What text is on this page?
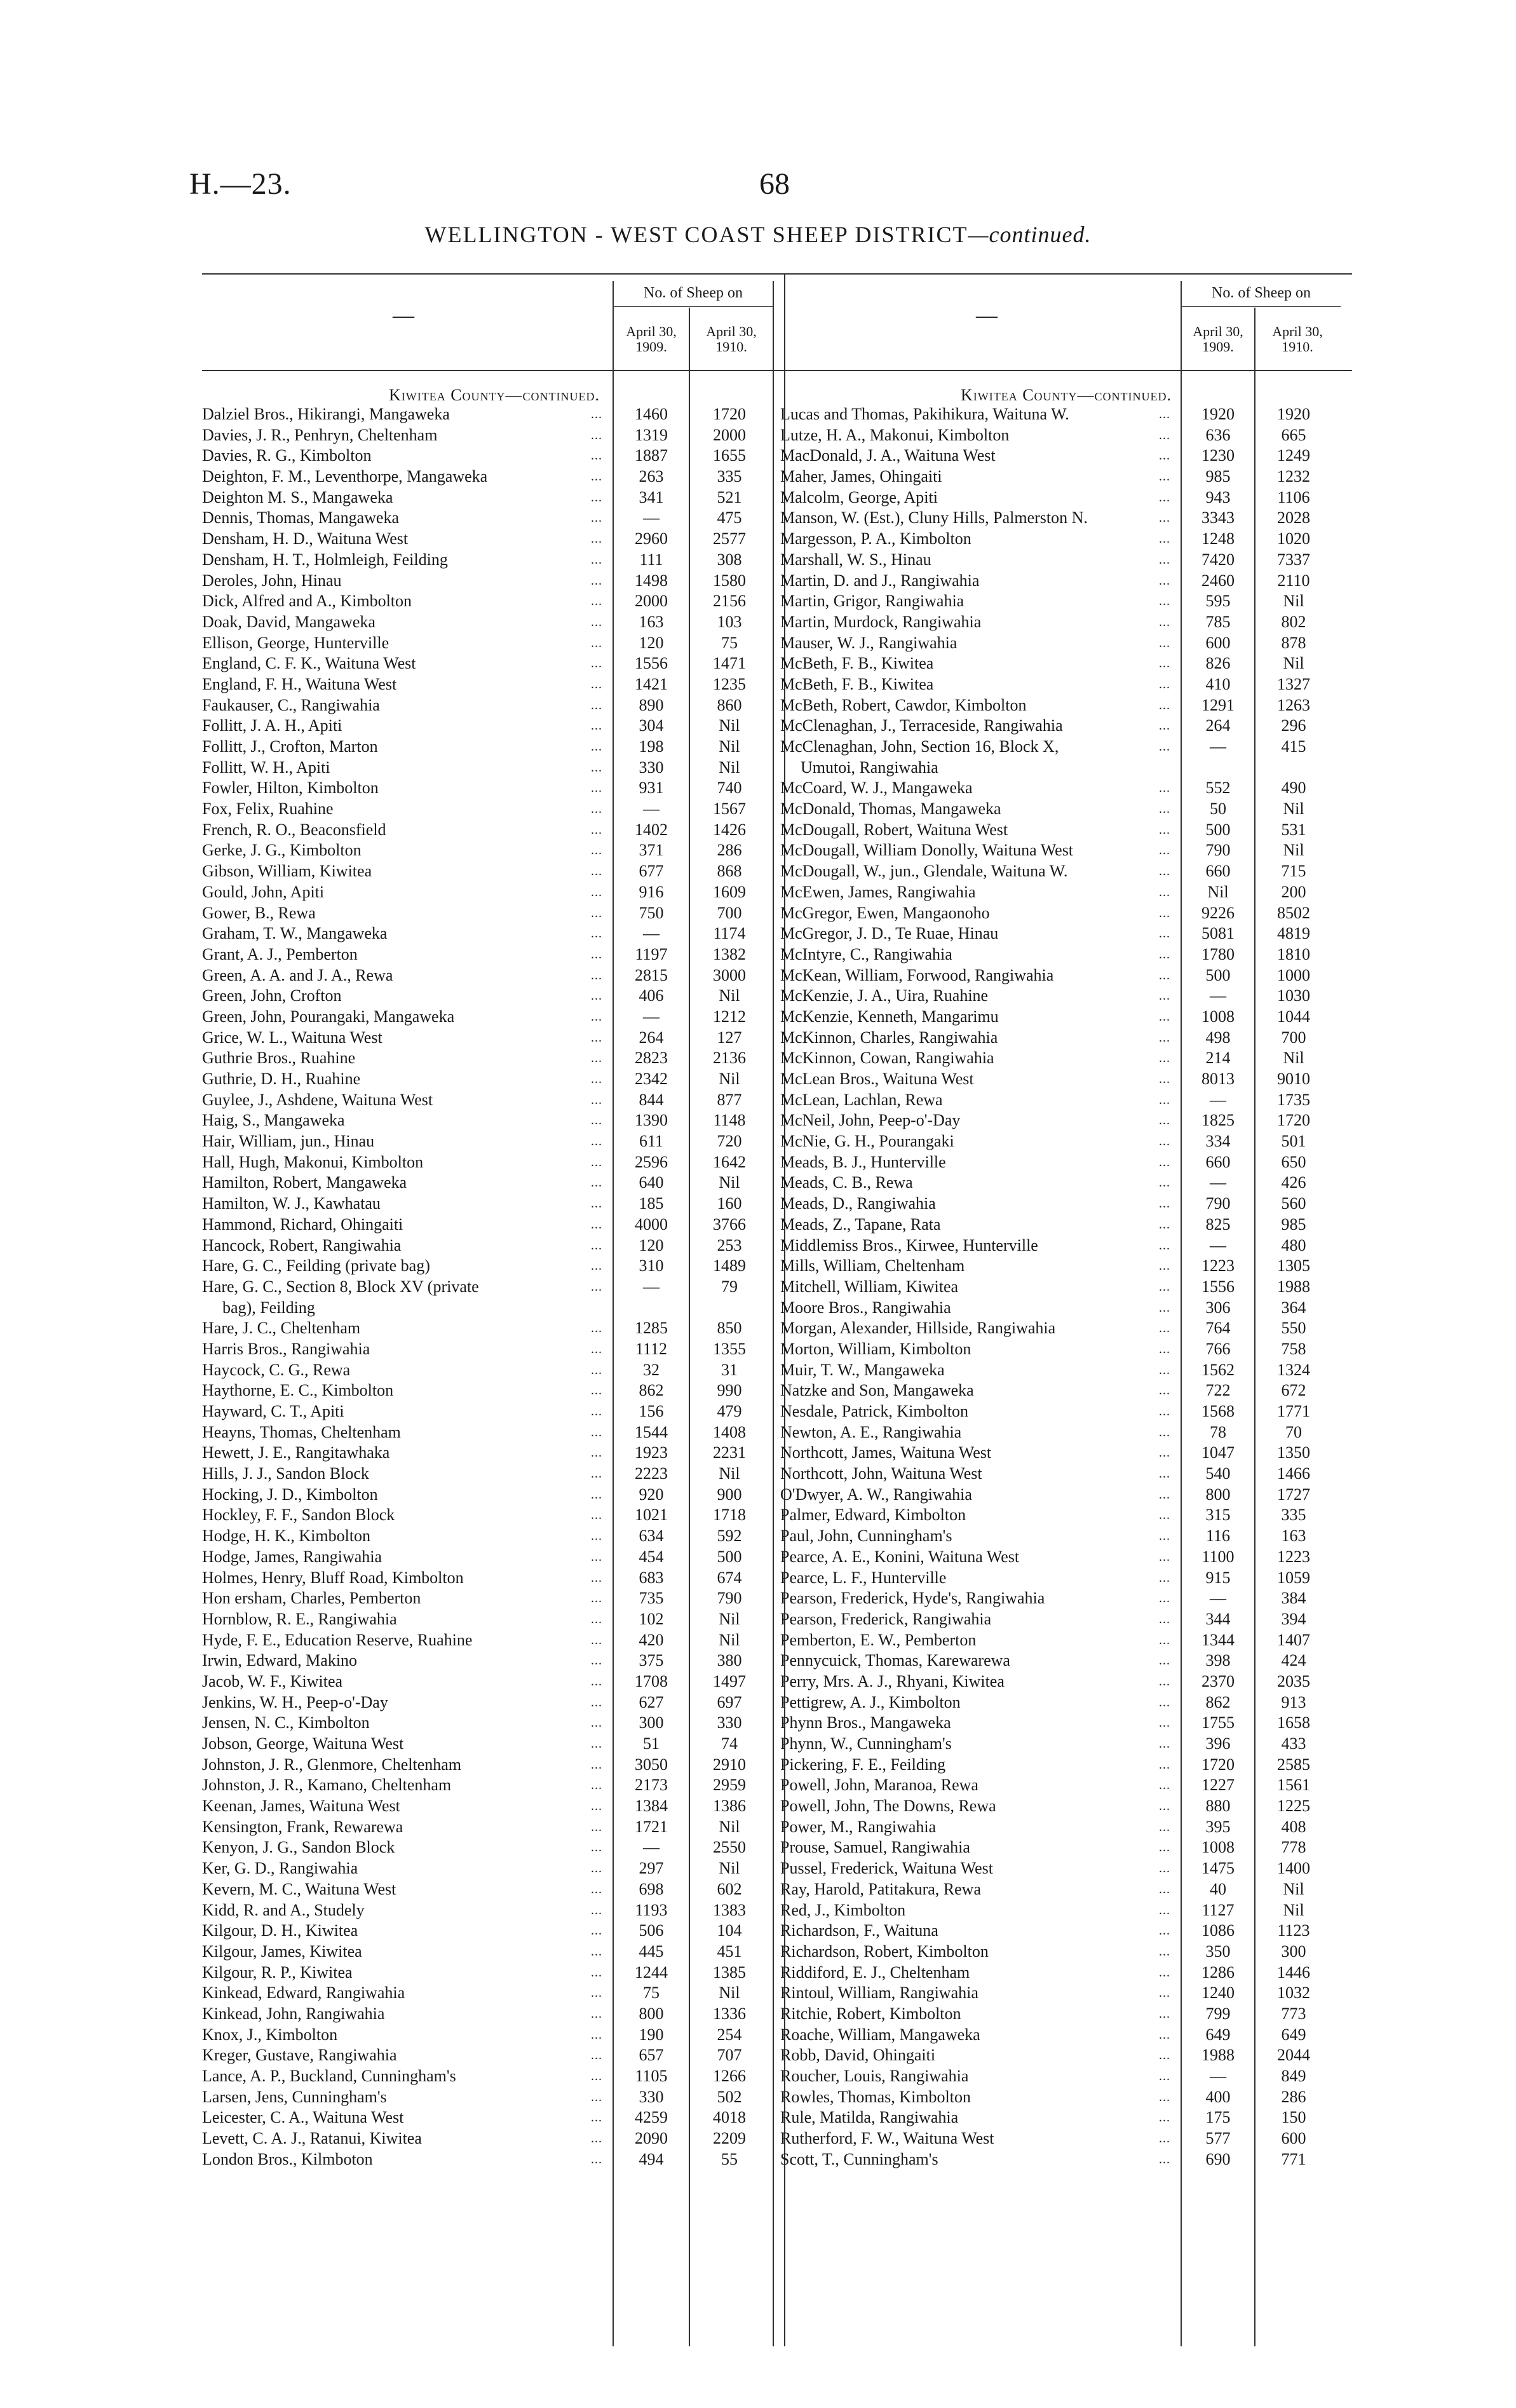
H.—23.	68
WELLINGTON - WEST COAST SHEEP DISTRICT—continued.
—
No. of Sheep on
April 30,
1909.
April 30,
1910.
Kiwitea County—continued.
Dalziel Bros., Hikirangi, Mangaweka	...	1460	1720
Davies, J. R., Penhryn, Cheltenham	...	1319	2000
Davies, R. G., Kimbolton	...	1887	1655
Deighton, F. M., Leventhorpe, Mangaweka	...	263	335
Deighton M. S., Mangaweka	...	341	521
Dennis, Thomas, Mangaweka	...	—	475
Densham, H. D., Waituna West	...	2960	2577
Densham, H. T., Holmleigh, Feilding	...	111	308
Deroles, John, Hinau	...	1498	1580
Dick, Alfred and A., Kimbolton	...	2000	2156
Doak, David, Mangaweka	...	163	103
Ellison, George, Hunterville	...	120	75
England, C. F. K., Waituna West	...	1556	1471
England, F. H., Waituna West	...	1421	1235
Faukauser, C., Rangiwahia	...	890	860
Follitt, J. A. H., Apiti	...	304	Nil
Follitt, J., Crofton, Marton	...	198	Nil
Follitt, W. H., Apiti	...	330	Nil
Fowler, Hilton, Kimbolton	...	931	740
Fox, Felix, Ruahine	...	—	1567
French, R. O., Beaconsfield	...	1402	1426
Gerke, J. G., Kimbolton	...	371	286
Gibson, William, Kiwitea	...	677	868
Gould, John, Apiti	...	916	1609
Gower, B., Rewa	...	750	700
Graham, T. W., Mangaweka	...	—	1174
Grant, A. J., Pemberton	...	1197	1382
Green, A. A. and J. A., Rewa	...	2815	3000
Green, John, Crofton	...	406	Nil
Green, John, Pourangaki, Mangaweka	...	—	1212
Grice, W. L., Waituna West	...	264	127
Guthrie Bros., Ruahine	...	2823	2136
Guthrie, D. H., Ruahine	...	2342	Nil
Guylee, J., Ashdene, Waituna West	...	844	877
Haig, S., Mangaweka	...	1390	1148
Hair, William, jun., Hinau	...	611	720
Hall, Hugh, Makonui, Kimbolton	...	2596	1642
Hamilton, Robert, Mangaweka	...	640	Nil
Hamilton, W. J., Kawhatau	...	185	160
Hammond, Richard, Ohingaiti	...	4000	3766
Hancock, Robert, Rangiwahia	...	120	253
Hare, G. C., Feilding (private bag)	...	310	1489
Hare, G. C., Section 8, Block XV (private	...	—	79
bag), Feilding
Hare, J. C., Cheltenham	...	1285	850
Harris Bros., Rangiwahia	...	1112	1355
Haycock, C. G., Rewa	...	32	31
Haythorne, E. C., Kimbolton	...	862	990
Hayward, C. T., Apiti	...	156	479
Heayns, Thomas, Cheltenham	...	1544	1408
Hewett, J. E., Rangitawhaka	...	1923	2231
Hills, J. J., Sandon Block	...	2223	Nil
Hocking, J. D., Kimbolton	...	920	900
Hockley, F. F., Sandon Block	...	1021	1718
Hodge, H. K., Kimbolton	...	634	592
Hodge, James, Rangiwahia	...	454	500
Holmes, Henry, Bluff Road, Kimbolton	...	683	674
Hon ersham, Charles, Pemberton	...	735	790
Hornblow, R. E., Rangiwahia	...	102	Nil
Hyde, F. E., Education Reserve, Ruahine	...	420	Nil
Irwin, Edward, Makino	...	375	380
Jacob, W. F., Kiwitea	...	1708	1497
Jenkins, W. H., Peep-o'-Day	...	627	697
Jensen, N. C., Kimbolton	...	300	330
Jobson, George, Waituna West	...	51	74
Johnston, J. R., Glenmore, Cheltenham	...	3050	2910
Johnston, J. R., Kamano, Cheltenham	...	2173	2959
Keenan, James, Waituna West	...	1384	1386
Kensington, Frank, Rewarewa	...	1721	Nil
Kenyon, J. G., Sandon Block	...	—	2550
Ker, G. D., Rangiwahia	...	297	Nil
Kevern, M. C., Waituna West	...	698	602
Kidd, R. and A., Studely	...	1193	1383
Kilgour, D. H., Kiwitea	...	506	104
Kilgour, James, Kiwitea	...	445	451
Kilgour, R. P., Kiwitea	...	1244	1385
Kinkead, Edward, Rangiwahia	...	75	Nil
Kinkead, John, Rangiwahia	...	800	1336
Knox, J., Kimbolton	...	190	254
Kreger, Gustave, Rangiwahia	...	657	707
Lance, A. P., Buckland, Cunningham's	...	1105	1266
Larsen, Jens, Cunningham's	...	330	502
Leicester, C. A., Waituna West	...	4259	4018
Levett, C. A. J., Ratanui, Kiwitea	...	2090	2209
London Bros., Kilmboton	...	494	55
—
No. of Sheep on
April 30,
1909.
April 30,
1910.
Kiwitea County—continued.
Lucas and Thomas, Pakihikura, Waituna W.	...	1920	1920
Lutze, H. A., Makonui, Kimbolton	...	636	665
MacDonald, J. A., Waituna West	...	1230	1249
Maher, James, Ohingaiti	...	985	1232
Malcolm, George, Apiti	...	943	1106
Manson, W. (Est.), Cluny Hills, Palmerston N.	...	3343	2028
Margesson, P. A., Kimbolton	...	1248	1020
Marshall, W. S., Hinau	...	7420	7337
Martin, D. and J., Rangiwahia	...	2460	2110
Martin, Grigor, Rangiwahia	...	595	Nil
Martin, Murdock, Rangiwahia	...	785	802
Mauser, W. J., Rangiwahia	...	600	878
McBeth, F. B., Kiwitea	...	826	Nil
McBeth, F. B., Kiwitea	...	410	1327
McBeth, Robert, Cawdor, Kimbolton	...	1291	1263
McClenaghan, J., Terraceside, Rangiwahia	...	264	296
McClenaghan, John, Section 16, Block X,	...	—	415
Umutoi, Rangiwahia
McCoard, W. J., Mangaweka	...	552	490
McDonald, Thomas, Mangaweka	...	50	Nil
McDougall, Robert, Waituna West	...	500	531
McDougall, William Donolly, Waituna West	...	790	Nil
McDougall, W., jun., Glendale, Waituna W.	...	660	715
McEwen, James, Rangiwahia	...	Nil	200
McGregor, Ewen, Mangaonoho	...	9226	8502
McGregor, J. D., Te Ruae, Hinau	...	5081	4819
McIntyre, C., Rangiwahia	...	1780	1810
McKean, William, Forwood, Rangiwahia	...	500	1000
McKenzie, J. A., Uira, Ruahine	...	—	1030
McKenzie, Kenneth, Mangarimu	...	1008	1044
McKinnon, Charles, Rangiwahia	...	498	700
McKinnon, Cowan, Rangiwahia	...	214	Nil
McLean Bros., Waituna West	...	8013	9010
McLean, Lachlan, Rewa	...	—	1735
McNeil, John, Peep-o'-Day	...	1825	1720
McNie, G. H., Pourangaki	...	334	501
Meads, B. J., Hunterville	...	660	650
Meads, C. B., Rewa	...	—	426
Meads, D., Rangiwahia	...	790	560
Meads, Z., Tapane, Rata	...	825	985
Middlemiss Bros., Kirwee, Hunterville	...	—	480
Mills, William, Cheltenham	...	1223	1305
Mitchell, William, Kiwitea	...	1556	1988
Moore Bros., Rangiwahia	...	306	364
Morgan, Alexander, Hillside, Rangiwahia	...	764	550
Morton, William, Kimbolton	...	766	758
Muir, T. W., Mangaweka	...	1562	1324
Natzke and Son, Mangaweka	...	722	672
Nesdale, Patrick, Kimbolton	...	1568	1771
Newton, A. E., Rangiwahia	...	78	70
Northcott, James, Waituna West	...	1047	1350
Northcott, John, Waituna West	...	540	1466
O'Dwyer, A. W., Rangiwahia	...	800	1727
Palmer, Edward, Kimbolton	...	315	335
Paul, John, Cunningham's	...	116	163
Pearce, A. E., Konini, Waituna West	...	1100	1223
Pearce, L. F., Hunterville	...	915	1059
Pearson, Frederick, Hyde's, Rangiwahia	...	—	384
Pearson, Frederick, Rangiwahia	...	344	394
Pemberton, E. W., Pemberton	...	1344	1407
Pennycuick, Thomas, Karewarewa	...	398	424
Perry, Mrs. A. J., Rhyani, Kiwitea	...	2370	2035
Pettigrew, A. J., Kimbolton	...	862	913
Phynn Bros., Mangaweka	...	1755	1658
Phynn, W., Cunningham's	...	396	433
Pickering, F. E., Feilding	...	1720	2585
Powell, John, Maranoa, Rewa	...	1227	1561
Powell, John, The Downs, Rewa	...	880	1225
Power, M., Rangiwahia	...	395	408
Prouse, Samuel, Rangiwahia	...	1008	778
Pussel, Frederick, Waituna West	...	1475	1400
Ray, Harold, Patitakura, Rewa	...	40	Nil
Red, J., Kimbolton	...	1127	Nil
Richardson, F., Waituna	...	1086	1123
Richardson, Robert, Kimbolton	...	350	300
Riddiford, E. J., Cheltenham	...	1286	1446
Rintoul, William, Rangiwahia	...	1240	1032
Ritchie, Robert, Kimbolton	...	799	773
Roache, William, Mangaweka	...	649	649
Robb, David, Ohingaiti	...	1988	2044
Roucher, Louis, Rangiwahia	...	—	849
Rowles, Thomas, Kimbolton	...	400	286
Rule, Matilda, Rangiwahia	...	175	150
Rutherford, F. W., Waituna West	...	577	600
Scott, T., Cunningham's	...	690	771
